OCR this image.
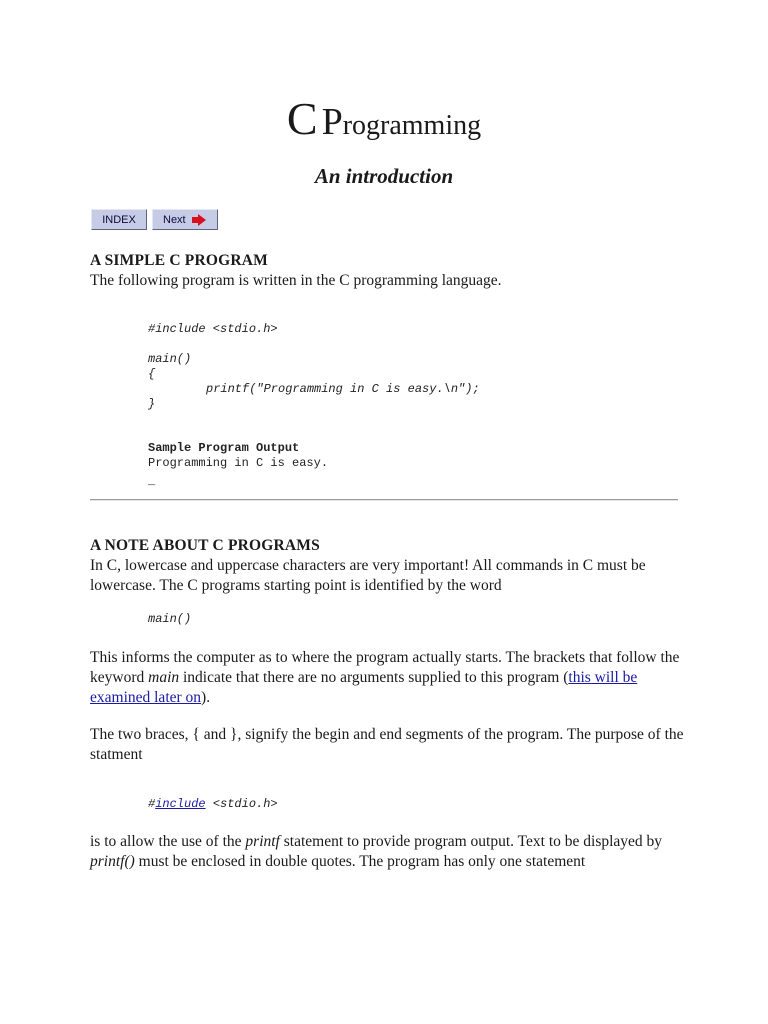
C Programming
An introduction
INDEX Next
A SIMPLE C PROGRAM
The following program is written in the C programming language.
#include <stdio.h>
main()
{
printf("Programming in C is easy.\n");
}
Sample Program Output
Programming in C is easy.
_
A NOTE ABOUT C PROGRAMS
In C, lowercase and uppercase characters are very important! All commands in C must be lowercase. The C programs starting point is identified by the word
main()
This informs the computer as to where the program actually starts. The brackets that follow the keyword main indicate that there are no arguments supplied to this program (this will be examined later on).
The two braces, { and }, signify the begin and end segments of the program. The purpose of the statment
#include <stdio.h>
is to allow the use of the printf statement to provide program output. Text to be displayed by printf() must be enclosed in double quotes. The program has only one statement
